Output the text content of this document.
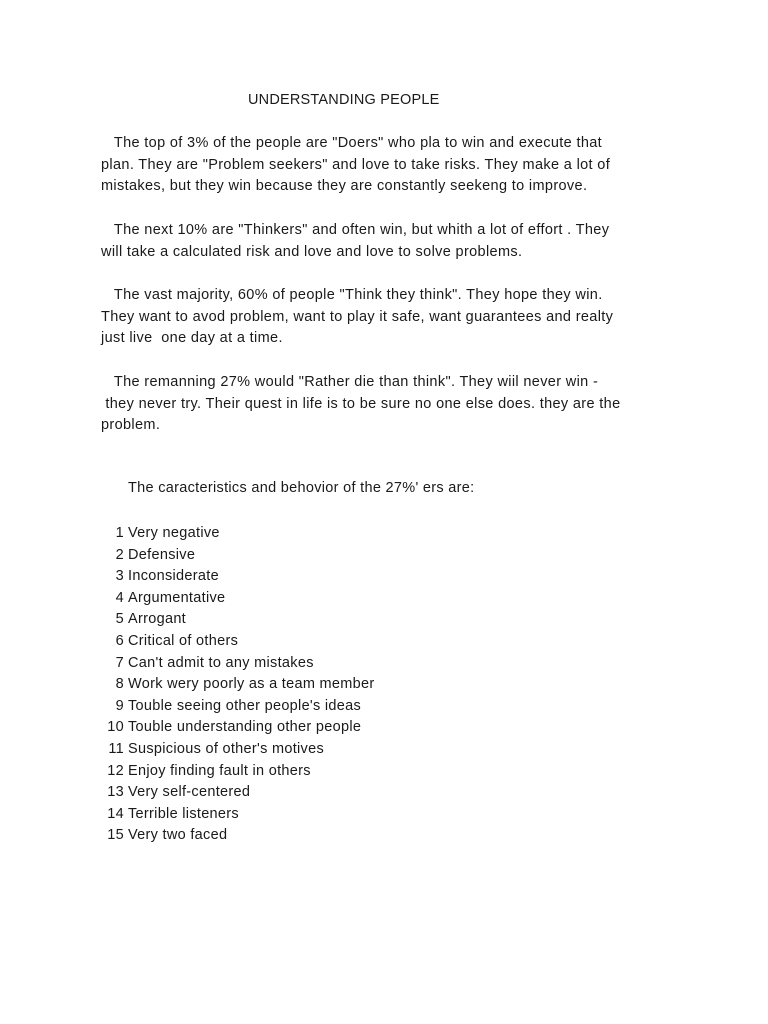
UNDERSTANDING PEOPLE
The top of 3% of the people are "Doers" who pla to win and execute that
plan. They are "Problem seekers" and love to take risks. They make a lot of
mistakes, but they win because they are constantly seekeng to improve.
The next 10% are "Thinkers" and often win, but whith a lot of effort . They
will take a calculated risk and love and love to solve problems.
The vast majority, 60% of people "Think they think". They hope they win.
They want to avod problem, want to play it safe, want guarantees and realty
just live  one day at a time.
The remanning 27% would "Rather die than think". They wiil never win -
they never try. Their quest in life is to be sure no one else does. they are the
problem.
The caracteristics and behovior of the 27%' ers are:
1 Very negative
2 Defensive
3 Inconsiderate
4 Argumentative
5 Arrogant
6 Critical of others
7 Can't admit to any mistakes
8 Work wery poorly as a team member
9 Touble seeing other people's ideas
10 Touble understanding other people
11 Suspicious of other's motives
12 Enjoy finding fault in others
13 Very self-centered
14 Terrible listeners
15 Very two faced
